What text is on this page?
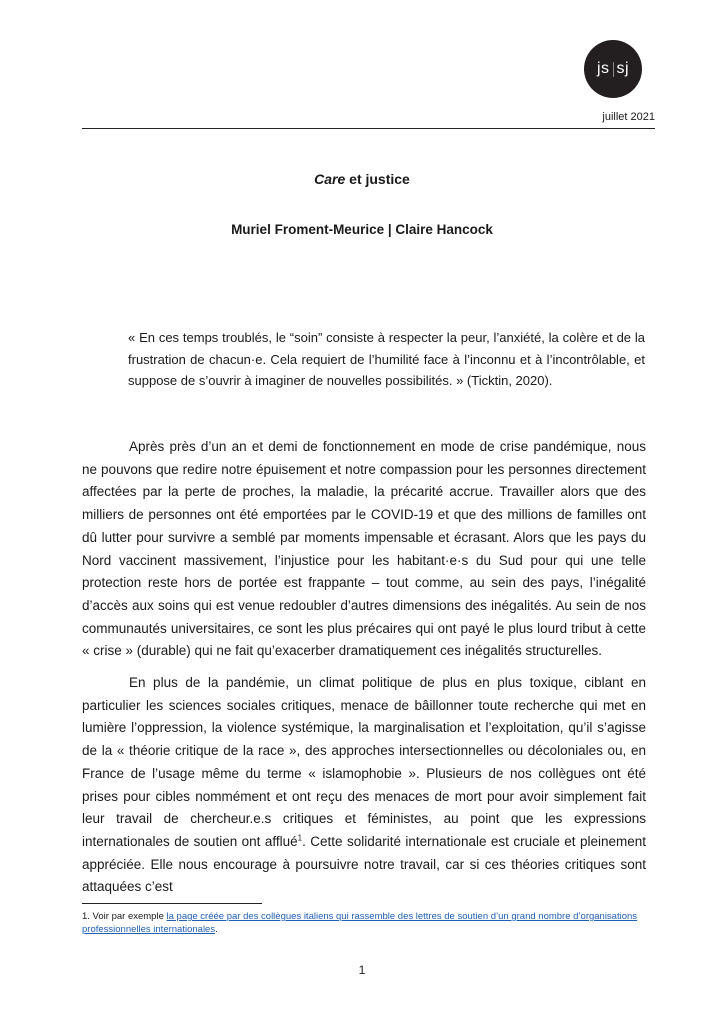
js sj
juillet 2021
Care et justice
Muriel Froment-Meurice | Claire Hancock
« En ces temps troublés, le “soin” consiste à respecter la peur, l’anxiété, la colère et de la frustration de chacun·e. Cela requiert de l’humilité face à l’inconnu et à l’incontrôlable, et suppose de s’ouvrir à imaginer de nouvelles possibilités. » (Ticktin, 2020).

Après près d’un an et demi de fonctionnement en mode de crise pandémique, nous ne pouvons que redire notre épuisement et notre compassion pour les personnes directement affectées par la perte de proches, la maladie, la précarité accrue. Travailler alors que des milliers de personnes ont été emportées par le COVID-19 et que des millions de familles ont dû lutter pour survivre a semblé par moments impensable et écrasant. Alors que les pays du Nord vaccinent massivement, l’injustice pour les habitant·e·s du Sud pour qui une telle protection reste hors de portée est frappante – tout comme, au sein des pays, l’inégalité d’accès aux soins qui est venue redoubler d’autres dimensions des inégalités. Au sein de nos communautés universitaires, ce sont les plus précaires qui ont payé le plus lourd tribut à cette « crise » (durable) qui ne fait qu’exacerber dramatiquement ces inégalités structurelles.

En plus de la pandémie, un climat politique de plus en plus toxique, ciblant en particulier les sciences sociales critiques, menace de bâillonner toute recherche qui met en lumière l’oppression, la violence systémique, la marginalisation et l’exploitation, qu’il s’agisse de la « théorie critique de la race », des approches intersectionnelles ou décoloniales ou, en France de l’usage même du terme « islamophobie ». Plusieurs de nos collègues ont été prises pour cibles nommément et ont reçu des menaces de mort pour avoir simplement fait leur travail de chercheur.e.s critiques et féministes, au point que les expressions internationales de soutien ont afflué$^1$. Cette solidarité internationale est cruciale et pleinement appréciée. Elle nous encourage à poursuivre notre travail, car si ces théories critiques sont attaquées c’est

1. Voir par exemple la page créée par des collègues italiens qui rassemble des lettres de soutien d’un grand nombre d’organisations professionnelles internationales.
1
